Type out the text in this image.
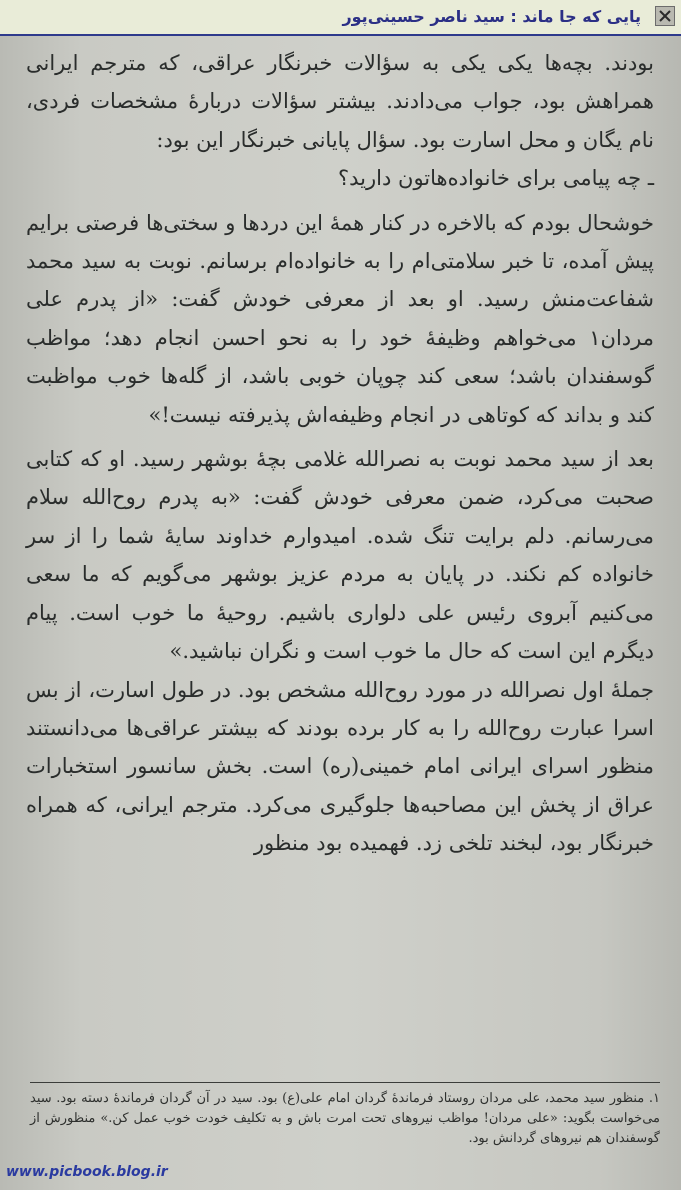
پایی که جا ماند : سید ناصر حسینی‌پور

بودند. بچه‌ها یکی یکی به سؤالات خبرنگار عراقی، که مترجم ایرانی همراهش بود، جواب می‌دادند. بیشتر سؤالات دربارهٔ مشخصات فردی، نام یگان و محل اسارت بود. سؤال پایانی خبرنگار این بود:

ـ چه پیامی برای خانواده‌هاتون دارید؟

خوشحال بودم که بالاخره در کنار همهٔ این دردها و سختی‌ها فرصتی برایم پیش آمده، تا خبر سلامتی‌ام را به خانواده‌ام برسانم. نوبت به سید محمد شفاعت‌منش رسید. او بعد از معرفی خودش گفت: «از پدرم علی مردان۱ می‌خواهم وظیفهٔ خود را به نحو احسن انجام دهد؛ مواظب گوسفندان باشد؛ سعی کند چوپان خوبی باشد، از گله‌ها خوب مواظبت کند و بداند که کوتاهی در انجام وظیفه‌اش پذیرفته نیست!»

بعد از سید محمد نوبت به نصرالله غلامی بچهٔ بوشهر رسید. او که کتابی صحبت می‌کرد، ضمن معرفی خودش گفت: «به پدرم روح‌الله سلام می‌رسانم. دلم برایت تنگ شده. امیدوارم خداوند سایهٔ شما را از سر خانواده کم نکند. در پایان به مردم عزیز بوشهر می‌گویم که ما سعی می‌کنیم آبروی رئیس علی دلواری باشیم. روحیهٔ ما خوب است. پیام دیگرم این است که حال ما خوب است و نگران نباشید.»

جملهٔ اول نصرالله در مورد روح‌الله مشخص بود. در طول اسارت، از بس اسرا عبارت روح‌الله را به کار برده بودند که بیشتر عراقی‌ها می‌دانستند منظور اسرای ایرانی امام خمینی(ره) است. بخش سانسور استخبارات عراق از پخش این مصاحبه‌ها جلوگیری می‌کرد. مترجم ایرانی، که همراه خبرنگار بود، لبخند تلخی زد. فهمیده بود منظور

۱. منظور سید محمد، علی مردان روستاد فرماندهٔ گردان امام علی(ع) بود. سید در آن گردان فرماندهٔ دسته بود. سید می‌خواست بگوید: «علی مردان! مواظب نیروهای تحت امرت باش و به تکلیف خودت خوب عمل کن.» منظورش از گوسفندان هم نیروهای گردانش بود.

www.picbook.blog.ir
